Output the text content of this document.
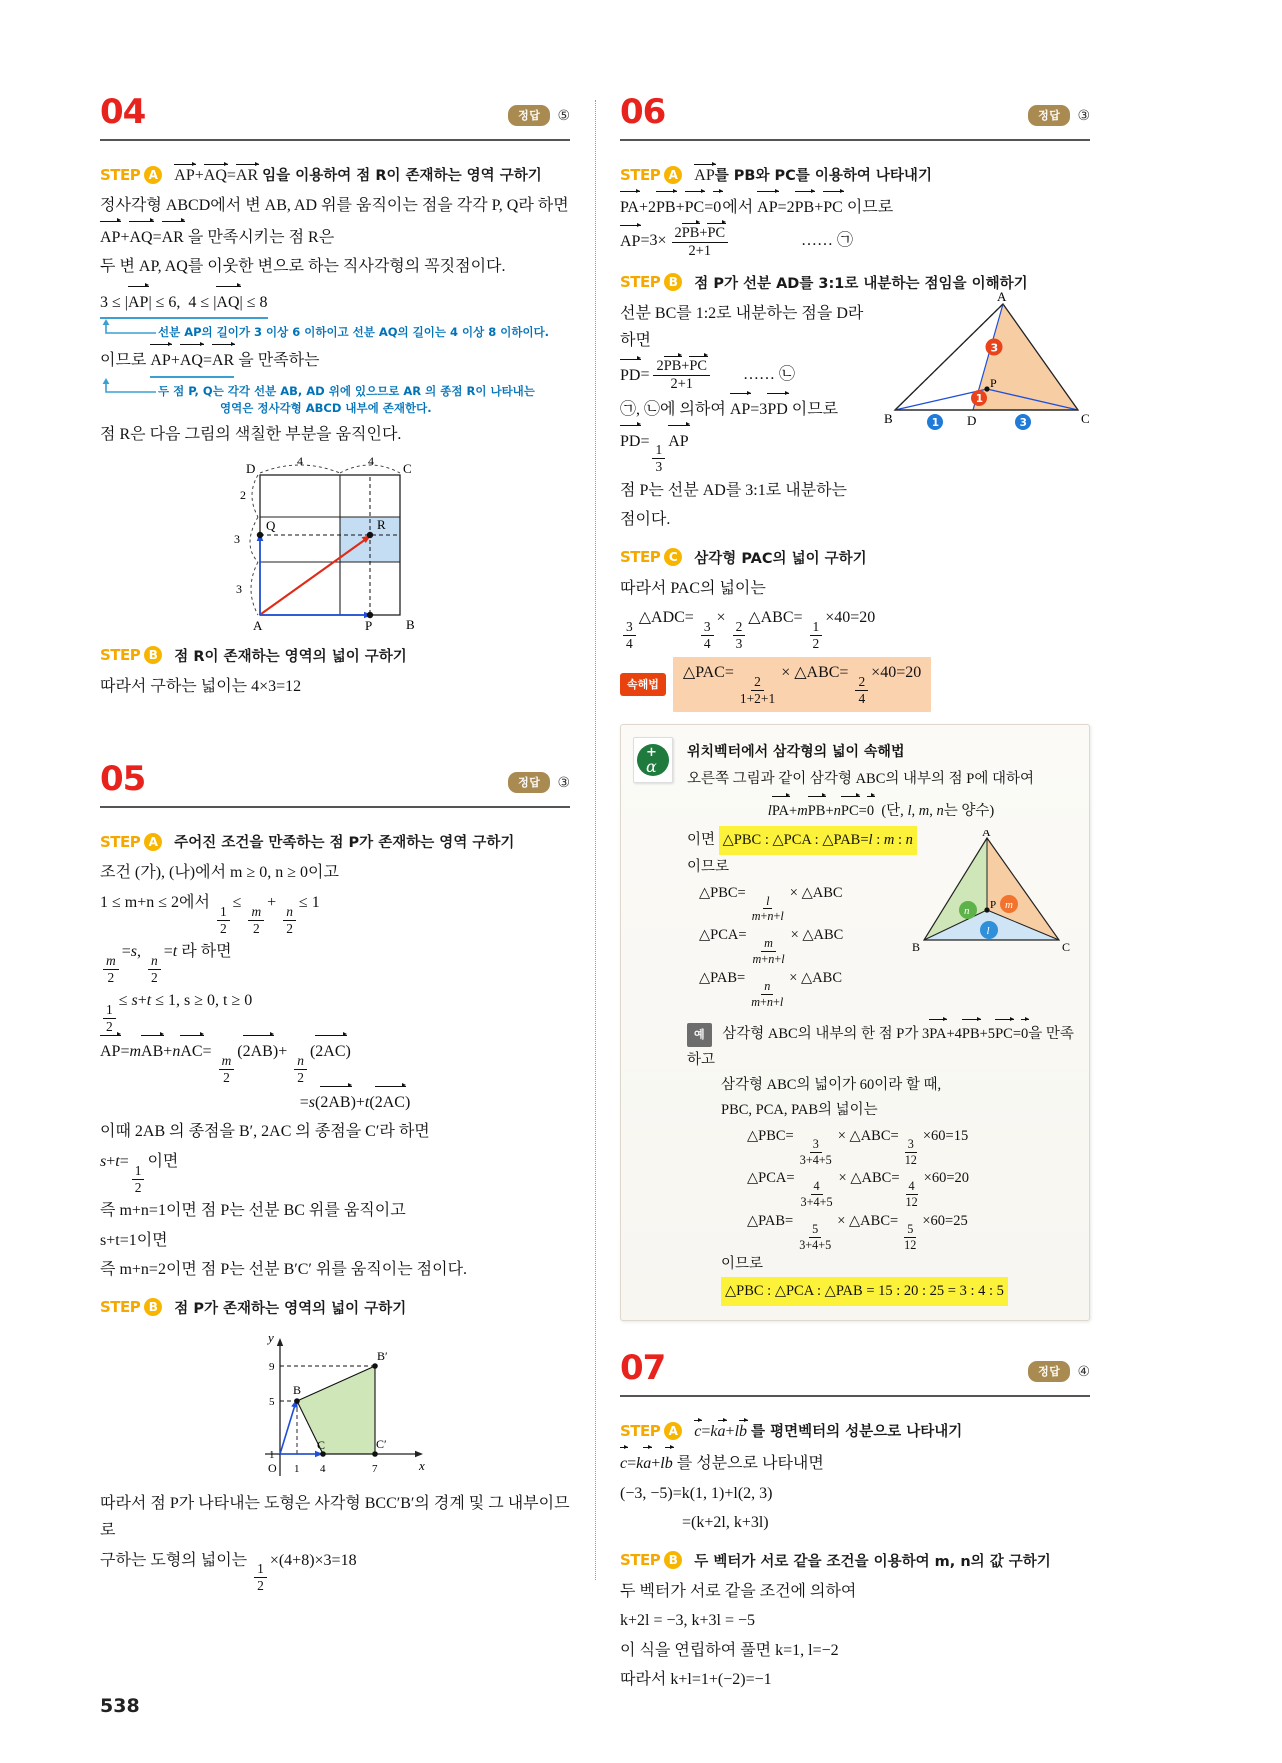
04	정답	⑤
STEP A AP+AQ=AR 임을 이용하여 점 R이 존재하는 영역 구하기
정사각형 ABCD에서 변 AB, AD 위를 움직이는 점을 각각 P, Q라 하면
AP+AQ=AR 을 만족시키는 점 R은
두 변 AP, AQ를 이웃한 변으로 하는 직사각형의 꼭짓점이다.
3 ≤ |AP| ≤ 6,  4 ≤ |AQ| ≤ 8
선분 AP의 길이가 3 이상 6 이하이고 선분 AQ의 길이는 4 이상 8 이하이다.
이므로 AP+AQ=AR 을 만족하는
두 점 P, Q는 각각 선분 AB, AD 위에 있으므로 AR 의 종점 R이 나타내는
영역은 정사각형 ABCD 내부에 존재한다.
점 R은 다음 그림의 색칠한 부분을 움직인다.
4	4
2
3
3
D	C
A	B
Q	R
P
STEP B	점 R이 존재하는 영역의 넓이 구하기
따라서 구하는 넓이는 4×3=12
05	정답	③
STEP A	주어진 조건을 만족하는 점 P가 존재하는 영역 구하기
조건 (가), (나)에서 m ≥ 0, n ≥ 0이고
1 ≤ m+n ≤ 2에서
$\frac{1}{2}$
≤
$\frac{m}{2}$
+
$\frac{n}{2}$
≤ 1
$\frac{m}{2}$
=s,
$\frac{n}{2}$
=t 라 하면
$\frac{1}{2}$
≤ s+t ≤ 1, s ≥ 0, t ≥ 0
AP=mAB+nAC=
$\frac{m}{2}$
(2AB)+
$\frac{n}{2}$
(2AC)
=s(2AB)+t(2AC)
이때 2AB 의 종점을 B′, 2AC 의 종점을 C′라 하면
s+t=
$\frac{1}{2}$
이면
즉 m+n=1이면 점 P는 선분 BC 위를 움직이고
s+t=1이면
즉 m+n=2이면 점 P는 선분 B′C′ 위를 움직이는 점이다.
STEP B	점 P가 존재하는 영역의 넓이 구하기
1
5
9
1 4	7
O	x
y
B
B′
C	C′
따라서 점 P가 나타내는 도형은 사각형 BCC′B′의 경계 및 그 내부이므로
구하는 도형의 넓이는
$\frac{1}{2}$
×(4+8)×3=18
06	정답	③
STEP A AP를 PB와 PC를 이용하여 나타내기
PA+2PB+PC=0에서 AP=2PB+PC 이므로
AP $=3\times \frac{2PB+PC}{2+1}$	…… ㉠
STEP B	점 P가 선분 AD를 3:1로 내분하는 점임을 이해하기
선분 BC를 1:2로 내분하는 점을 D라 하면
PD = $\frac{2PB+PC}{2+1}$ …… ㉡
㉠, ㉡에 의하여 AP=3PD 이므로
PD=
$\frac{1}{3}$
AP
점 P는 선분 AD를 3:1로 내분하는
점이다.
P
3
1
1	3
A
B	C
D
STEP C	삼각형 PAC의 넓이 구하기
따라서 PAC의 넓이는
$\frac{3}{4}$
△ADC=
$\frac{3}{4}$
×
$\frac{2}{3}$
△ABC=
$\frac{1}{2}$
×40=20
속해법
△PAC=
$\frac{2}{1+2+1}$
× △ABC=
$\frac{2}{4}$
×40=20
+
α
위치벡터에서 삼각형의 넓이 속해법
오른쪽 그림과 같이 삼각형 ABC의 내부의 점 P에 대하여
lPA+mPB+nPC=0  (단, l, m, n는 양수)
이면 △PBC : △PCA : △PAB=l : m : n
이므로
△PBC=
$\frac{l}{m+n+l}$
× △ABC
△PCA=
$\frac{m}{m+n+l}$
× △ABC
△PAB=
$\frac{n}{m+n+l}$
× △ABC
P
n	m
l
A
B	C
예 삼각형 ABC의 내부의 한 점 P가 3PA+4PB+5PC=0을 만족하고
삼각형 ABC의 넓이가 60이라 할 때,
PBC, PCA, PAB의 넓이는
△PBC=
$\frac{3}{3+4+5}$
× △ABC=
$\frac{3}{12}$
×60=15
△PCA=
$\frac{4}{3+4+5}$
× △ABC=
$\frac{4}{12}$
×60=20
△PAB=
$\frac{5}{3+4+5}$
× △ABC=
$\frac{5}{12}$
×60=25
이므로
△PBC : △PCA : △PAB = 15 : 20 : 25 = 3 : 4 : 5
07	정답	④
STEP A c=ka+lb 를 평면벡터의 성분으로 나타내기
c=ka+lb 를 성분으로 나타내면
(−3, −5)=k(1, 1)+l(2, 3)
=(k+2l, k+3l)
STEP B	두 벡터가 서로 같을 조건을 이용하여 m, n의 값 구하기
두 벡터가 서로 같을 조건에 의하여
k+2l = −3, k+3l = −5
이 식을 연립하여 풀면 k=1, l=−2
따라서 k+l=1+(−2)=−1
538
